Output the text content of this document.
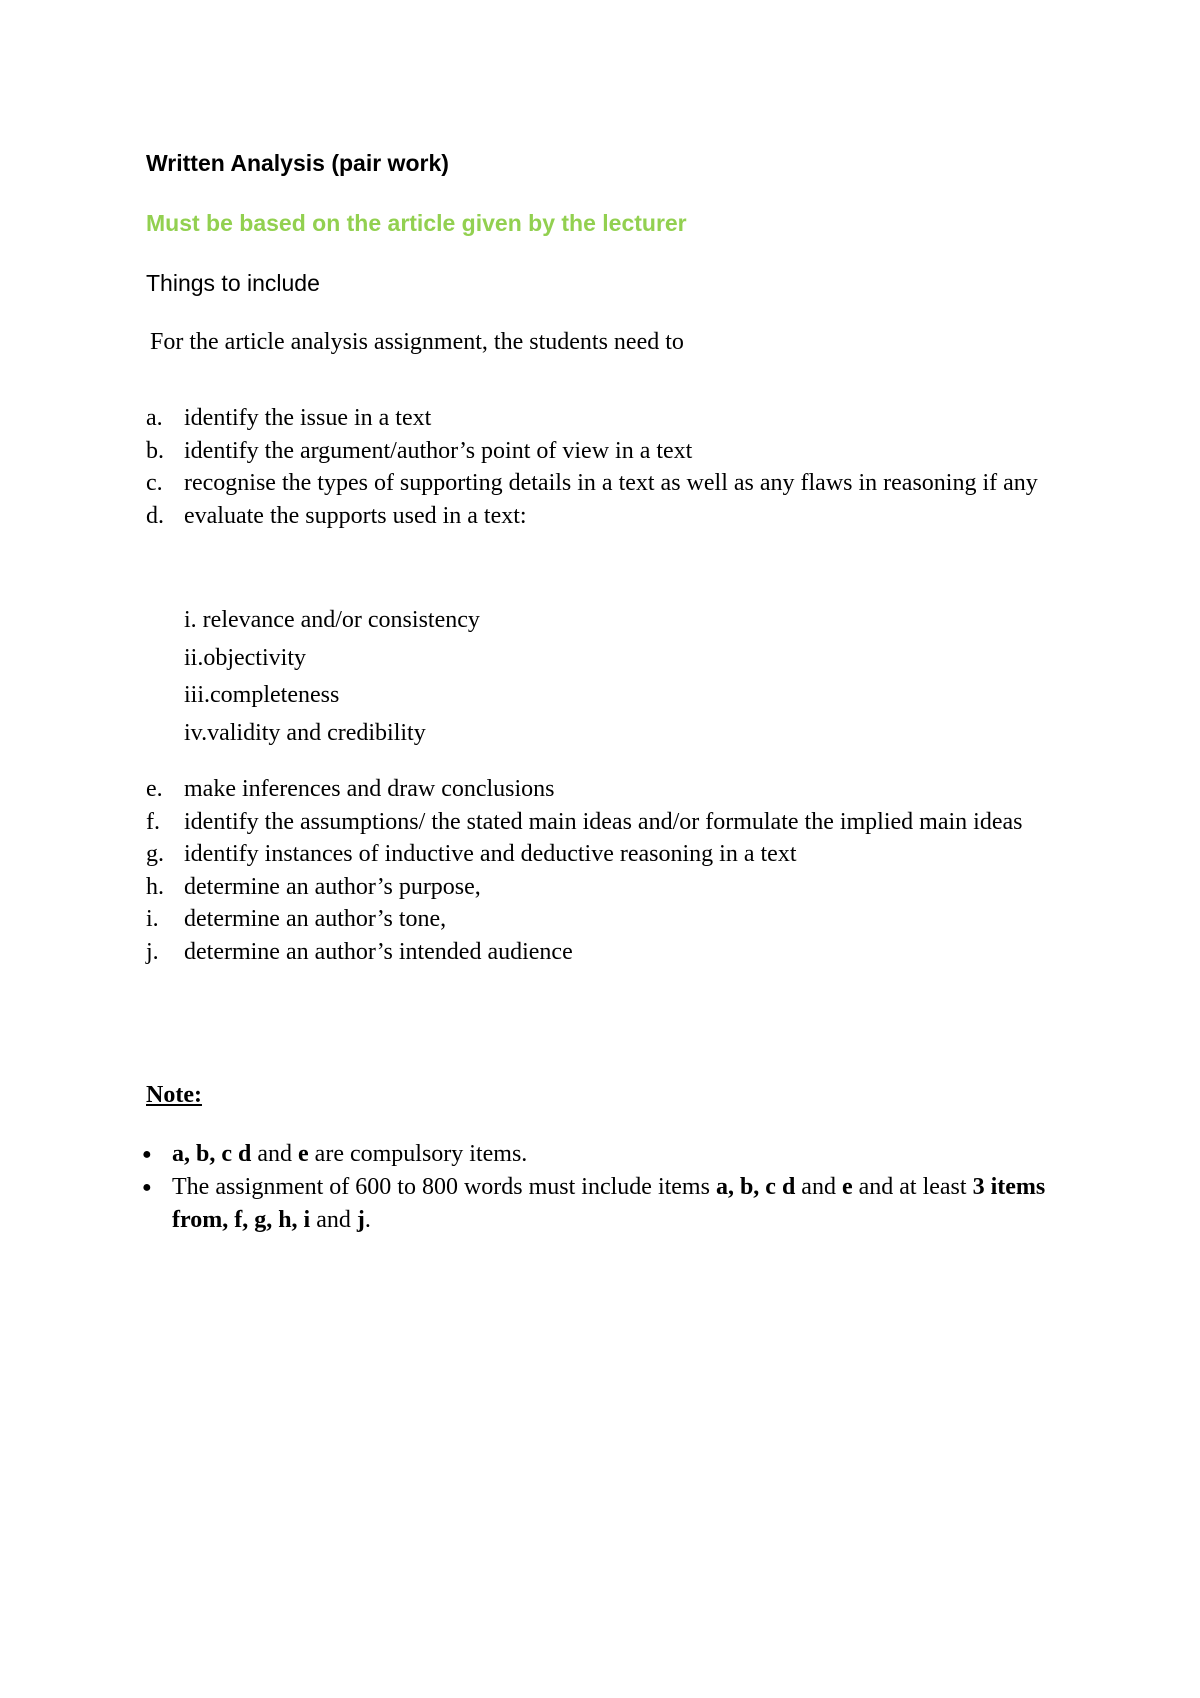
Written Analysis (pair work)
Must be based on the article given by the lecturer
Things to include
For the article analysis assignment, the students need to
a. identify the issue in a text
b. identify the argument/author’s point of view in a text
c. recognise the types of supporting details in a text as well as any flaws in reasoning if any
d. evaluate the supports used in a text:
i. relevance and/or consistency
ii.objectivity
iii.completeness
iv.validity and credibility
e. make inferences and draw conclusions
f.	identify the assumptions/ the stated main ideas and/or formulate the implied main ideas
g. identify instances of inductive and deductive reasoning in a text
h. determine an author’s purpose,
i.	determine an author’s tone,
j.	determine an author’s intended audience
Note:
● a, b, c d and e are compulsory items.
● The assignment of 600 to 800 words must include items a, b, c d and e and at least 3 items from, f, g, h, i and j.
